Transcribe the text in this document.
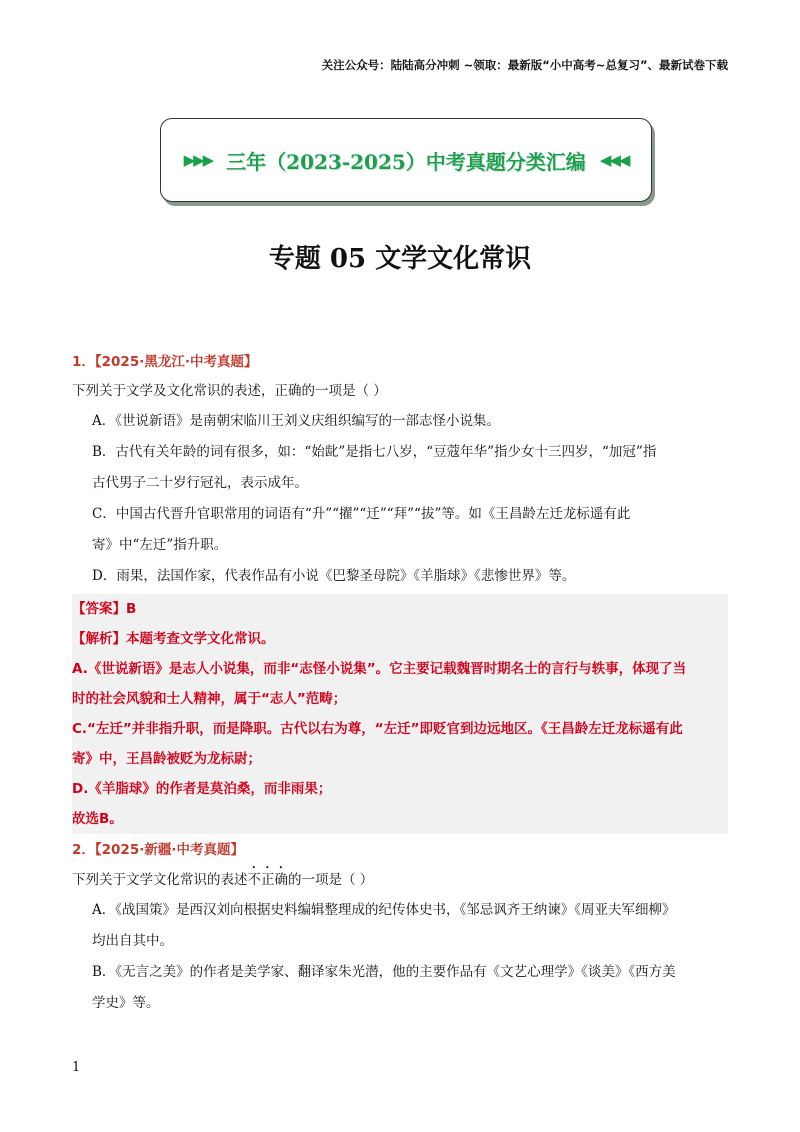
关注公众号：陆陆高分冲刺 ~领取：最新版“小中高考~总复习”、最新试卷下载
▶▶▶ 三年（2023-2025）中考真题分类汇编 ◀◀◀
专题 05 文学文化常识
1．【2025·黑龙江·中考真题】
下列关于文学及文化常识的表述，正确的一项是（ ）
A．《世说新语》是南朝宋临川王刘义庆组织编写的一部志怪小说集。
B．古代有关年龄的词有很多，如：“始龀”是指七八岁，“豆蔻年华”指少女十三四岁，“加冠”指
古代男子二十岁行冠礼，表示成年。
C．中国古代晋升官职常用的词语有“升”“擢”“迁”“拜”“拔”等。如《王昌龄左迁龙标遥有此
寄》中“左迁”指升职。
D．雨果，法国作家，代表作品有小说《巴黎圣母院》《羊脂球》《悲惨世界》等。
【答案】B
【解析】本题考查文学文化常识。
A.《世说新语》是志人小说集，而非“志怪小说集”。它主要记载魏晋时期名士的言行与轶事，体现了当
时的社会风貌和士人精神，属于“志人”范畴；
C.“左迁”并非指升职，而是降职。古代以右为尊，“左迁”即贬官到边远地区。《王昌龄左迁龙标遥有此
寄》中，王昌龄被贬为龙标尉；
D.《羊脂球》的作者是莫泊桑，而非雨果；
故选B。
2．【2025·新疆·中考真题】
下列关于文学文化常识的表述不正确的一项是（ ）
A．《战国策》是西汉刘向根据史料编辑整理成的纪传体史书，《邹忌讽齐王纳谏》《周亚夫军细柳》
均出自其中。
B．《无言之美》的作者是美学家、翻译家朱光潜，他的主要作品有《文艺心理学》《谈美》《西方美
学史》等。
1
